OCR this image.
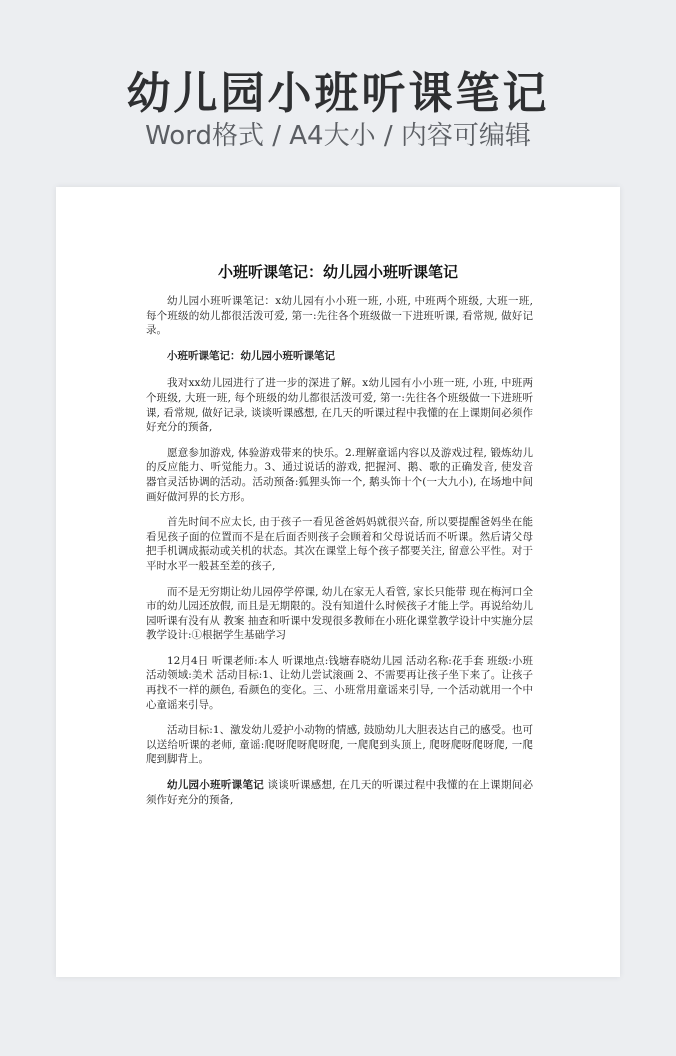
幼儿园小班听课笔记
Word格式 / A4大小 / 内容可编辑
小班听课笔记：幼儿园小班听课笔记

幼儿园小班听课笔记：x幼儿园有小小班一班, 小班, 中班两个班级, 大班一班, 每个班级的幼儿都很活泼可爱, 第一:先往各个班级做一下进班听课, 看常规, 做好记录。

小班听课笔记：幼儿园小班听课笔记

我对xx幼儿园进行了进一步的深进了解。x幼儿园有小小班一班, 小班, 中班两个班级, 大班一班, 每个班级的幼儿都很活泼可爱, 第一:先往各个班级做一下进班听课, 看常规, 做好记录, 谈谈听课感想, 在几天的听课过程中我懂的在上课期间必须作好充分的预备,

愿意参加游戏, 体验游戏带来的快乐。2.理解童谣内容以及游戏过程, 锻炼幼儿的反应能力、听觉能力。3、通过说话的游戏, 把握河、鹅、歌的正确发音, 使发音器官灵活协调的活动。活动预备:狐狸头饰一个, 鹅头饰十个(一大九小), 在场地中间画好做河界的长方形。

首先时间不应太长, 由于孩子一看见爸爸妈妈就很兴奋, 所以要提醒爸妈坐在能看见孩子面的位置而不是在后面否则孩子会顾着和父母说话而不听课。然后请父母把手机调成振动或关机的状态。其次在课堂上每个孩子都要关注, 留意公平性。对于平时水平一般甚至差的孩子,

而不是无穷期让幼儿园停学停课, 幼儿在家无人看管, 家长只能带 现在梅河口全市的幼儿园还放假, 而且是无期限的。没有知道什么时候孩子才能上学。再说给幼儿园听课有没有从 教案 抽查和听课中发现很多教师在小班化课堂教学设计中实施分层教学设计:①根据学生基础学习

12月4日 听课老师:本人 听课地点:钱塘春晓幼儿园 活动名称:花手套 班级:小班 活动领域:美术 活动目标:1、让幼儿尝试滚画 2、不需要再让孩子坐下来了。让孩子再找不一样的颜色, 看颜色的变化。三、小班常用童谣来引导, 一个活动就用一个中心童谣来引导。

活动目标:1、激发幼儿爱护小动物的情感, 鼓励幼儿大胆表达自己的感受。也可以送给听课的老师, 童谣:爬呀爬呀爬呀爬, 一爬爬到头顶上, 爬呀爬呀爬呀爬, 一爬爬到脚背上。

幼儿园小班听课笔记 谈谈听课感想, 在几天的听课过程中我懂的在上课期间必须作好充分的预备,
